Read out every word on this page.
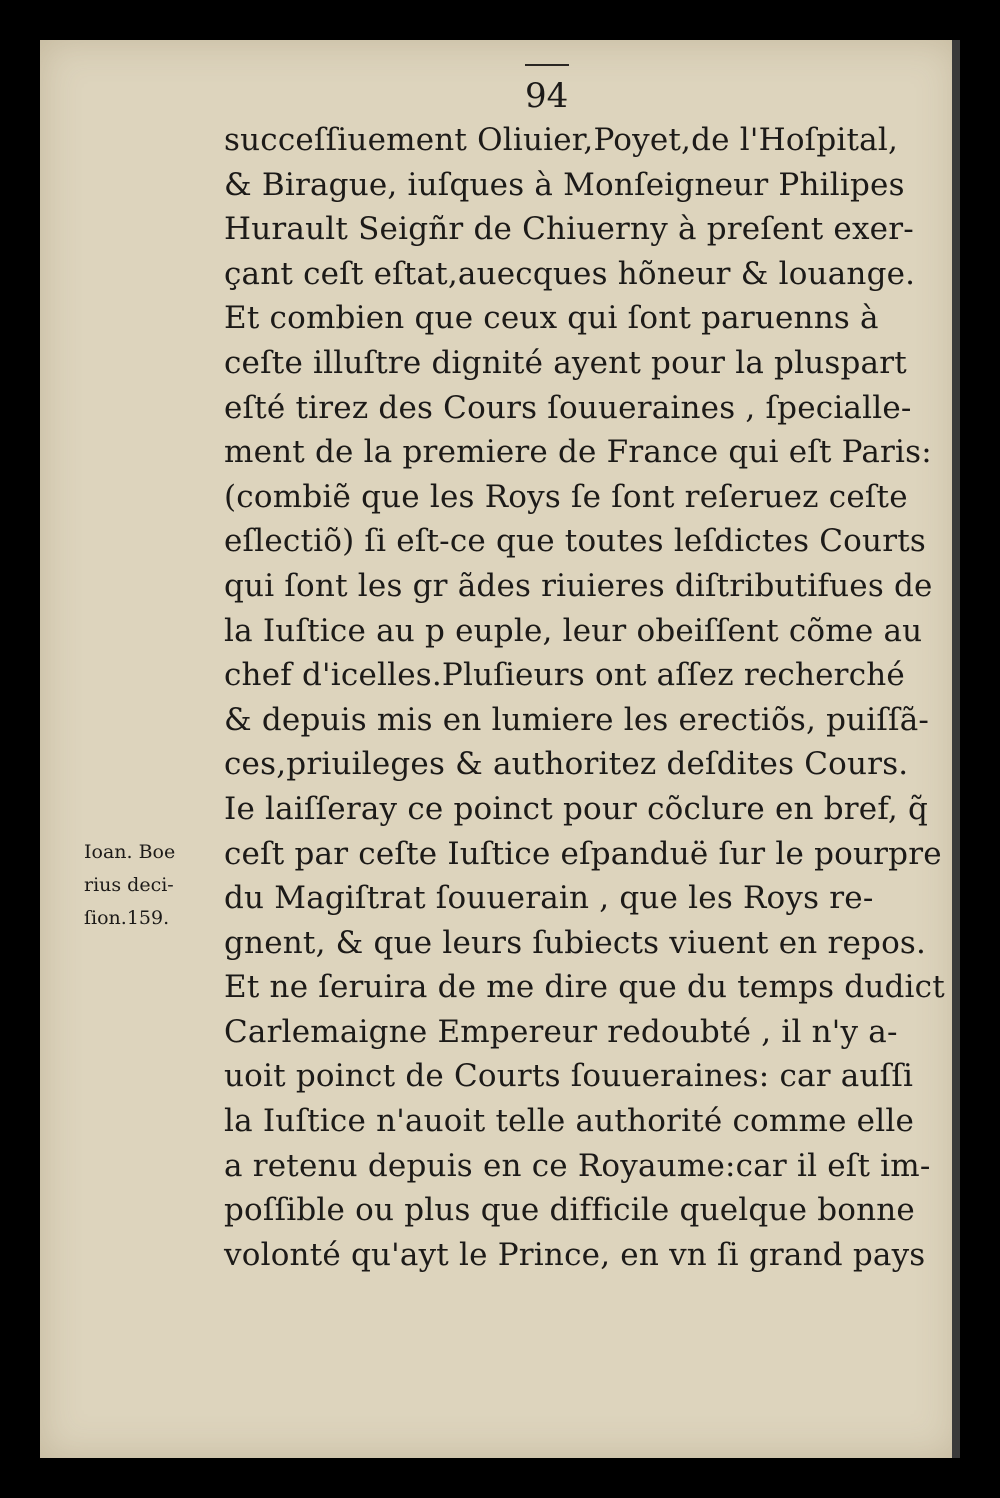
94
succeſſiuement Oliuier,Poyet,de l'Hoſpital,
& Birague, iuſques à Monſeigneur Philipes
Hurault Seigñr de Chiuerny à preſent exer-
çant ceſt eſtat,auecques hõneur & louange.
Et combien que ceux qui ſont paruenns à
ceſte illuſtre dignité ayent pour la pluspart
eſté tirez des Cours ſouueraines , ſpecialle-
ment de la premiere de France qui eſt Paris:
(combiẽ que les Roys ſe ſont reſeruez ceſte
eſlectiõ) ſi eſt-ce que toutes leſdictes Courts
qui ſont les gr ãdes riuieres diſtributifues de
la Iuſtice au p euple, leur obeiſſent cõme au
chef d'icelles.Pluſieurs ont aſſez recherché
& depuis mis en lumiere les erectiõs, puiſſã-
ces,priuileges & authoritez deſdites Cours.
Ie laiſſeray ce poinct pour cõclure en bref, q̃
ceſt par ceſte Iuſtice eſpanduë ſur le pourpre
du Magiſtrat ſouuerain , que les Roys re-
gnent, & que leurs ſubiects viuent en repos.
Et ne ſeruira de me dire que du temps dudict
Carlemaigne Empereur redoubté , il n'y a-
uoit poinct de Courts ſouueraines: car auſſi
la Iuſtice n'auoit telle authorité comme elle
a retenu depuis en ce Royaume:car il eſt im-
poſſible ou plus que difficile quelque bonne
volonté qu'ayt le Prince, en vn ſi grand pays
Ioan. Boe
rius deci-
ſion.159.
